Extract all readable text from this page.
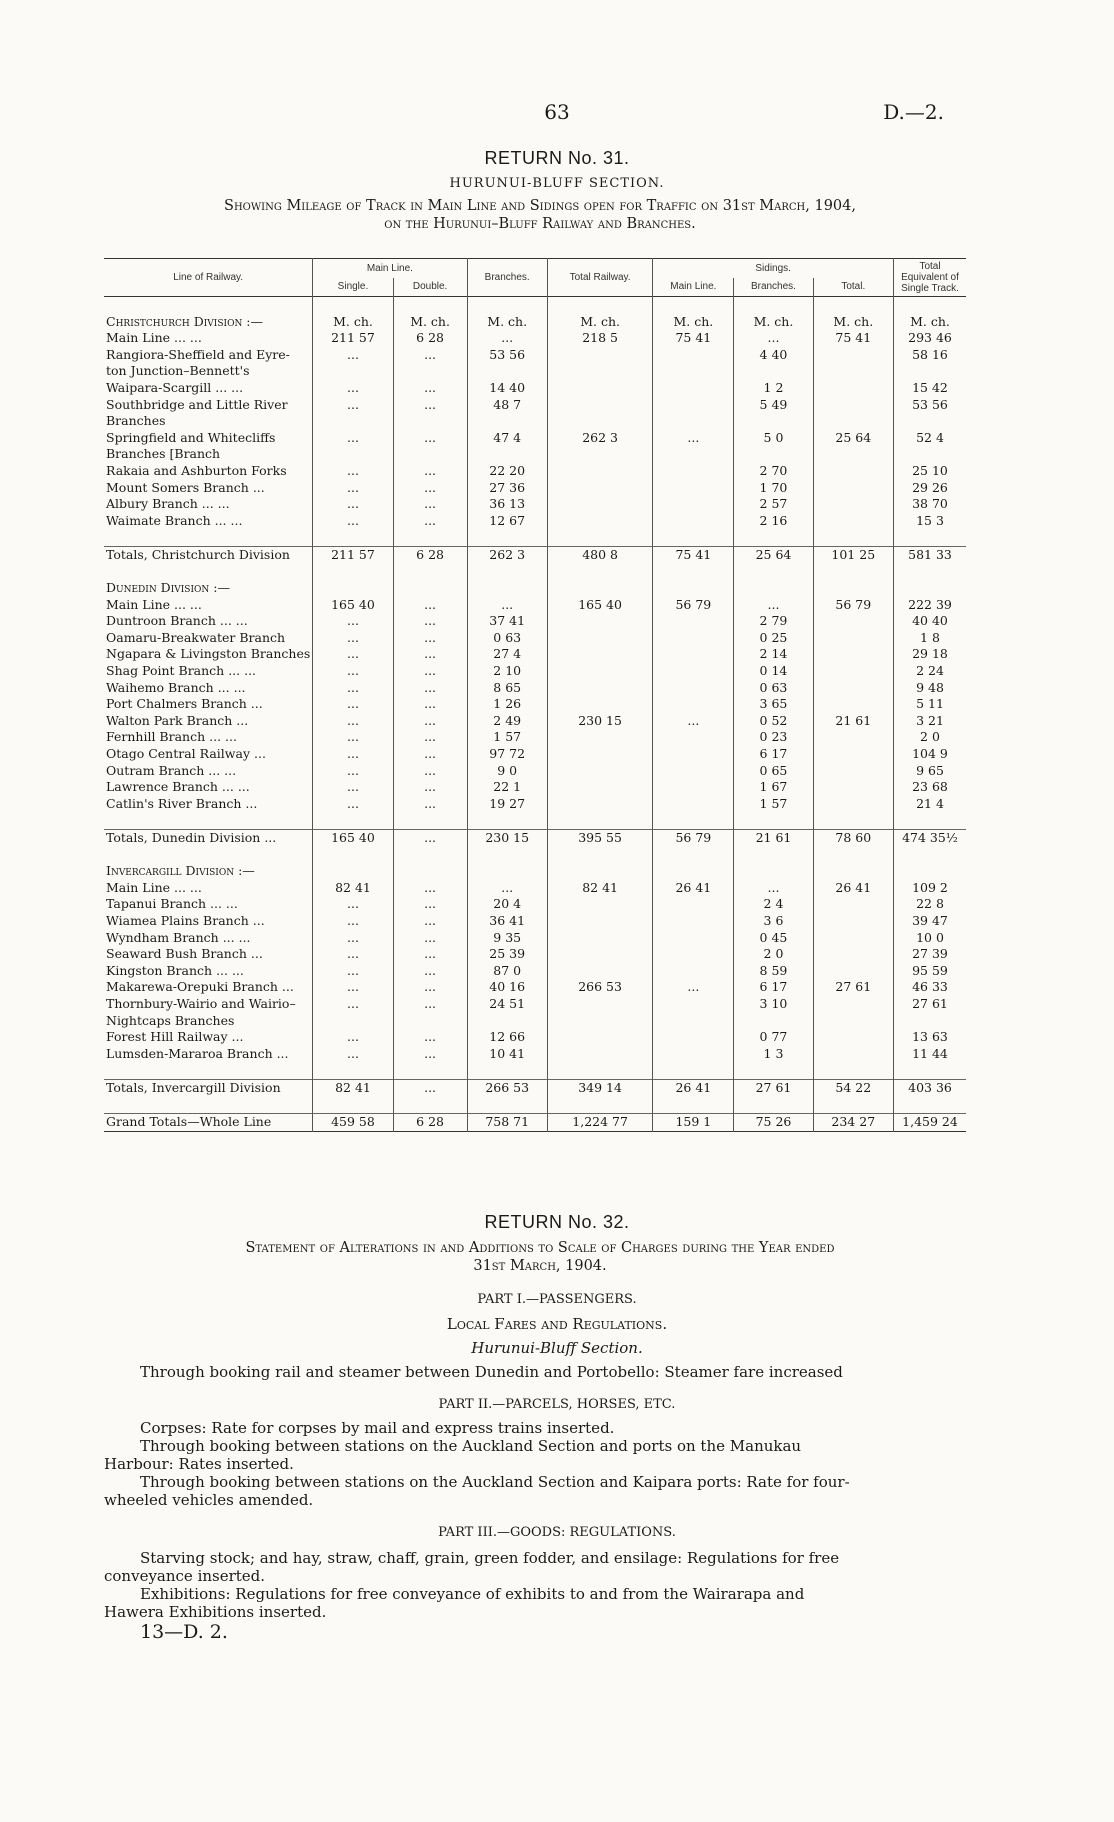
63	D.—2.
RETURN No. 31.
HURUNUI-BLUFF SECTION.
Showing Mileage of Track in Main Line and Sidings open for Traffic on 31st March, 1904,
on the Hurunui–Bluff Railway and Branches.
Line of Railway.	Main Line.		Branches.	Total Railway.	Sidings.			Total Equivalent of Single Track.
	Single.	Double.			Main Line.	Branches.	Total.	

Christchurch Division :—	M. ch.	M. ch.	M. ch.	M. ch.	M. ch.	M. ch.	M. ch.	M. ch.
Main Line ... ...	211 57	6 28	...	218 5	75 41	...	75 41	293 46
Rangiora-Sheffield and Eyre-	...	...	53 56			4 40		58 16
ton Junction–Bennett's								
Waipara-Scargill ... ...	...	...	14 40			1 2		15 42
Southbridge and Little River	...	...	48 7			5 49		53 56
Branches								
Springfield and Whitecliffs	...	...	47 4	262 3	...	5 0	25 64	52 4
Branches [Branch								
Rakaia and Ashburton Forks	...	...	22 20			2 70		25 10
Mount Somers Branch ...	...	...	27 36			1 70		29 26
Albury Branch ... ...	...	...	36 13			2 57		38 70
Waimate Branch ... ...	...	...	12 67			2 16		15 3

Totals, Christchurch Division	211 57	6 28	262 3	480 8	75 41	25 64	101 25	581 33

Dunedin Division :—								
Main Line ... ...	165 40	...	...	165 40	56 79	...	56 79	222 39
Duntroon Branch ... ...	...	...	37 41			2 79		40 40
Oamaru-Breakwater Branch	...	...	0 63			0 25		1 8
Ngapara & Livingston Branches	...	...	27 4			2 14		29 18
Shag Point Branch ... ...	...	...	2 10			0 14		2 24
Waihemo Branch ... ...	...	...	8 65			0 63		9 48
Port Chalmers Branch ...	...	...	1 26			3 65		5 11
Walton Park Branch ...	...	...	2 49	230 15	...	0 52	21 61	3 21
Fernhill Branch ... ...	...	...	1 57			0 23		2 0
Otago Central Railway ...	...	...	97 72			6 17		104 9
Outram Branch ... ...	...	...	9 0			0 65		9 65
Lawrence Branch ... ...	...	...	22 1			1 67		23 68
Catlin's River Branch ...	...	...	19 27			1 57		21 4

Totals, Dunedin Division ...	165 40	...	230 15	395 55	56 79	21 61	78 60	474 35½

Invercargill Division :—								
Main Line ... ...	82 41	...	...	82 41	26 41	...	26 41	109 2
Tapanui Branch ... ...	...	...	20 4			2 4		22 8
Wiamea Plains Branch ...	...	...	36 41			3 6		39 47
Wyndham Branch ... ...	...	...	9 35			0 45		10 0
Seaward Bush Branch ...	...	...	25 39			2 0		27 39
Kingston Branch ... ...	...	...	87 0			8 59		95 59
Makarewa-Orepuki Branch ...	...	...	40 16	266 53	...	6 17	27 61	46 33
Thornbury-Wairio and Wairio–	...	...	24 51			3 10		27 61
Nightcaps Branches								
Forest Hill Railway ...	...	...	12 66			0 77		13 63
Lumsden-Mararoa Branch ...	...	...	10 41			1 3		11 44

Totals, Invercargill Division	82 41	...	266 53	349 14	26 41	27 61	54 22	403 36

Grand Totals—Whole Line	459 58	6 28	758 71	1,224 77	159 1	75 26	234 27	1,459 24
RETURN No. 32.
Statement of Alterations in and Additions to Scale of Charges during the Year ended
31st March, 1904.
PART I.—PASSENGERS.
Local Fares and Regulations.
Hurunui-Bluff Section.
Through booking rail and steamer between Dunedin and Portobello: Steamer fare increased
PART II.—PARCELS, HORSES, ETC.
Corpses: Rate for corpses by mail and express trains inserted.
Through booking between stations on the Auckland Section and ports on the Manukau
Harbour: Rates inserted.
Through booking between stations on the Auckland Section and Kaipara ports: Rate for four-
wheeled vehicles amended.
PART III.—GOODS: REGULATIONS.
Starving stock; and hay, straw, chaff, grain, green fodder, and ensilage: Regulations for free
conveyance inserted.
Exhibitions: Regulations for free conveyance of exhibits to and from the Wairarapa and
Hawera Exhibitions inserted.
13—D. 2.
